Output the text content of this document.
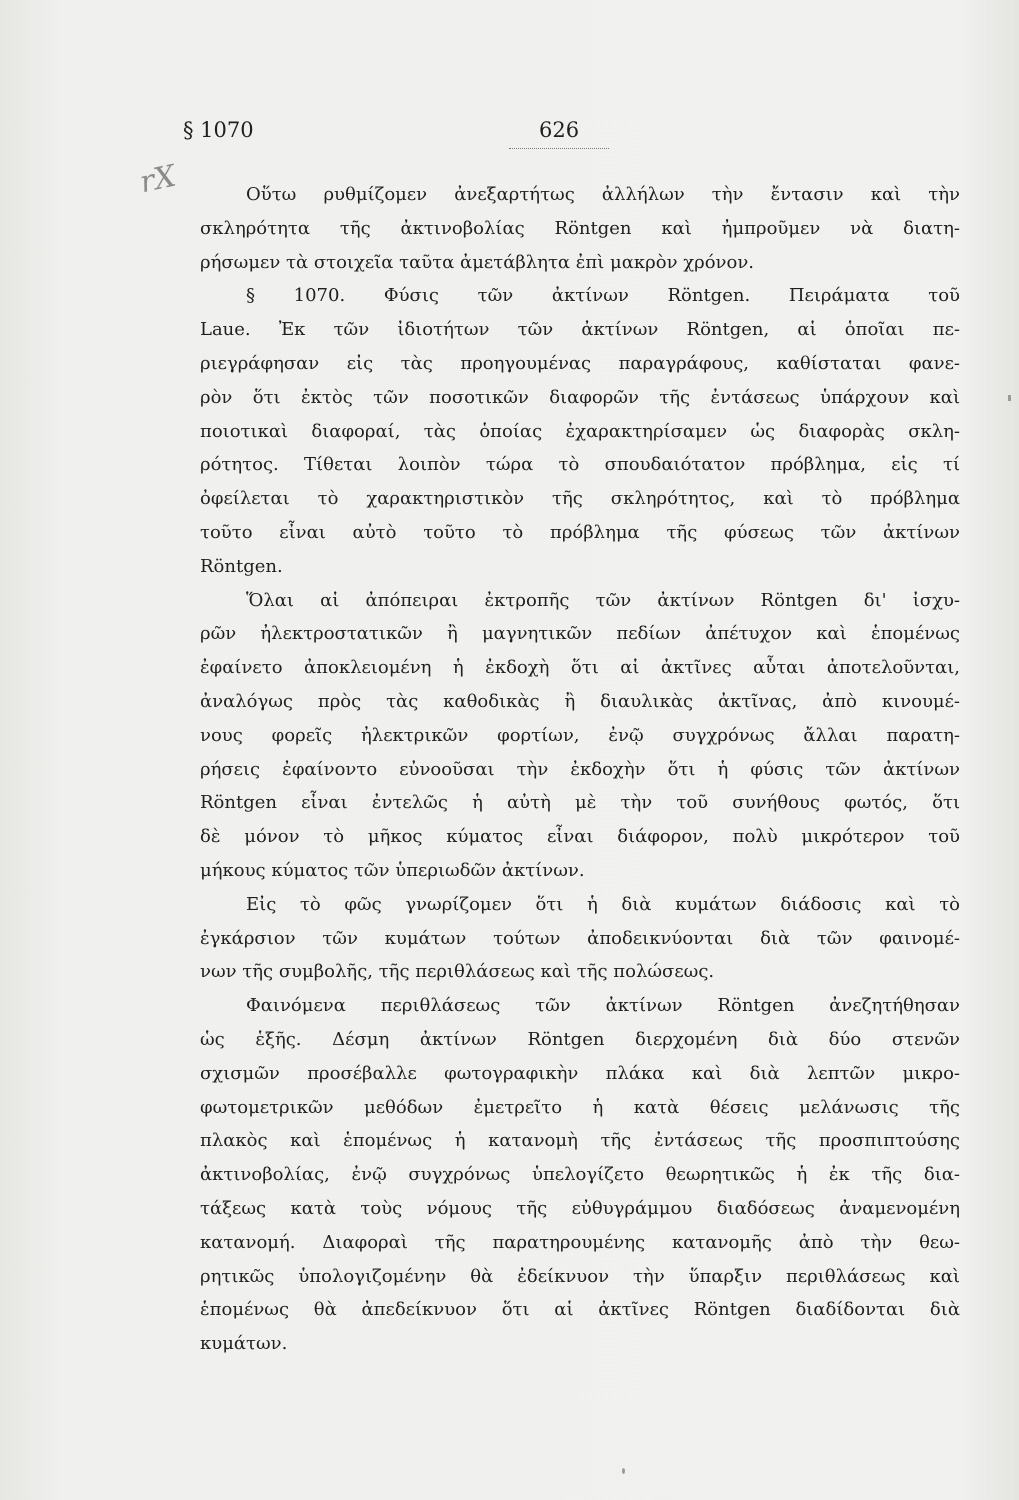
§ 1070	626
rX	Οὕτω ρυθμίζομεν ἀνεξαρτήτως ἀλλήλων τὴν ἔντασιν καὶ τὴν
σκληρότητα τῆς ἀκτινοβολίας Röntgen καὶ ἠμπροῦμεν νὰ διατη-
ρήσωμεν τὰ στοιχεῖα ταῦτα ἀμετάβλητα ἐπὶ μακρὸν χρόνον.
§ 1070. Φύσις τῶν ἀκτίνων Röntgen. Πειράματα τοῦ
Laue. Ἐκ τῶν ἰδιοτήτων τῶν ἀκτίνων Röntgen, αἱ ὁποῖαι πε-
ριεγράφησαν εἰς τὰς προηγουμένας παραγράφους, καθίσταται φανε-
ρὸν ὅτι ἐκτὸς τῶν ποσοτικῶν διαφορῶν τῆς ἐντάσεως ὑπάρχουν καὶ
ποιοτικαὶ διαφοραί, τὰς ὁποίας ἐχαρακτηρίσαμεν ὡς διαφορὰς σκλη-
ρότητος. Τίθεται λοιπὸν τώρα τὸ σπουδαιότατον πρόβλημα, εἰς τί
ὀφείλεται τὸ χαρακτηριστικὸν τῆς σκληρότητος, καὶ τὸ πρόβλημα
τοῦτο εἶναι αὐτὸ τοῦτο τὸ πρόβλημα τῆς φύσεως τῶν ἀκτίνων
Röntgen.
Ὅλαι αἱ ἀπόπειραι ἐκτροπῆς τῶν ἀκτίνων Röntgen δι' ἰσχυ-
ρῶν ἠλεκτροστατικῶν ἢ μαγνητικῶν πεδίων ἀπέτυχον καὶ ἑπομένως
ἐφαίνετο ἀποκλειομένη ἡ ἐκδοχὴ ὅτι αἱ ἀκτῖνες αὗται ἀποτελοῦνται,
ἀναλόγως πρὸς τὰς καθοδικὰς ἢ διαυλικὰς ἀκτῖνας, ἀπὸ κινουμέ-
νους φορεῖς ἠλεκτρικῶν φορτίων, ἐνῷ συγχρόνως ἄλλαι παρατη-
ρήσεις ἐφαίνοντο εὐνοοῦσαι τὴν ἐκδοχὴν ὅτι ἡ φύσις τῶν ἀκτίνων
Röntgen εἶναι ἐντελῶς ἡ αὐτὴ μὲ τὴν τοῦ συνήθους φωτός, ὅτι
δὲ μόνον τὸ μῆκος κύματος εἶναι διάφορον, πολὺ μικρότερον τοῦ
μήκους κύματος τῶν ὑπεριωδῶν ἀκτίνων.
Εἰς τὸ φῶς γνωρίζομεν ὅτι ἡ διὰ κυμάτων διάδοσις καὶ τὸ
ἐγκάρσιον τῶν κυμάτων τούτων ἀποδεικνύονται διὰ τῶν φαινομέ-
νων τῆς συμβολῆς, τῆς περιθλάσεως καὶ τῆς πολώσεως.
Φαινόμενα περιθλάσεως τῶν ἀκτίνων Röntgen ἀνεζητήθησαν
ὡς ἑξῆς. Δέσμη ἀκτίνων Röntgen διερχομένη διὰ δύο στενῶν
σχισμῶν προσέβαλλε φωτογραφικὴν πλάκα καὶ διὰ λεπτῶν μικρο-
φωτομετρικῶν μεθόδων ἐμετρεῖτο ἡ κατὰ θέσεις μελάνωσις τῆς
πλακὸς καὶ ἑπομένως ἡ κατανομὴ τῆς ἐντάσεως τῆς προσπιπτούσης
ἀκτινοβολίας, ἐνῷ συγχρόνως ὑπελογίζετο θεωρητικῶς ἡ ἐκ τῆς δια-
τάξεως κατὰ τοὺς νόμους τῆς εὐθυγράμμου διαδόσεως ἀναμενομένη
κατανομή. Διαφοραὶ τῆς παρατηρουμένης κατανομῆς ἀπὸ τὴν θεω-
ρητικῶς ὑπολογιζομένην θὰ ἐδείκνυον τὴν ὕπαρξιν περιθλάσεως καὶ
ἑπομένως θὰ ἀπεδείκνυον ὅτι αἱ ἀκτῖνες Röntgen διαδίδονται διὰ
κυμάτων.
